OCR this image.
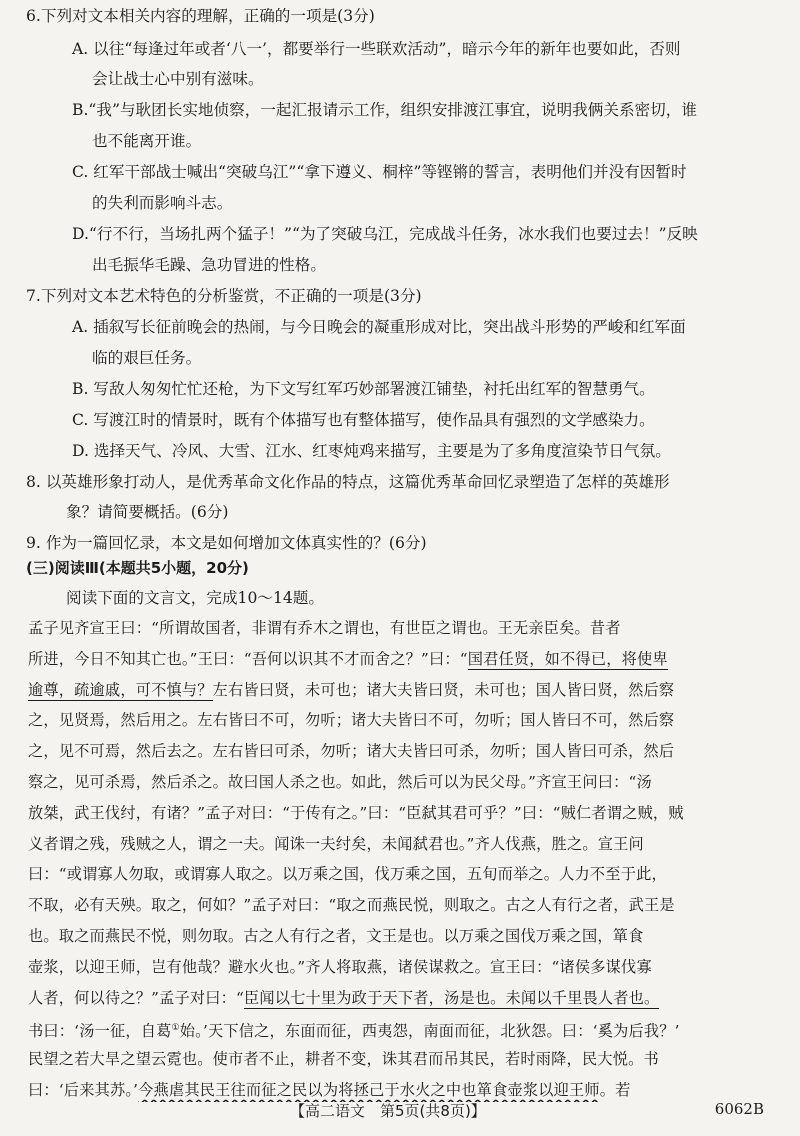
6.下列对文本相关内容的理解，正确的一项是(3分)
A. 以往“每逢过年或者‘八一’，都要举行一些联欢活动”，暗示今年的新年也要如此，否则
会让战士心中别有滋味。
B.“我”与耿团长实地侦察，一起汇报请示工作，组织安排渡江事宜，说明我俩关系密切，谁
也不能离开谁。
C. 红军干部战士喊出“突破乌江”“拿下遵义、桐梓”等铿锵的誓言，表明他们并没有因暂时
的失利而影响斗志。
D.“行不行，当场扎两个猛子！”“为了突破乌江，完成战斗任务，冰水我们也要过去！”反映
出毛振华毛躁、急功冒进的性格。
7.下列对文本艺术特色的分析鉴赏，不正确的一项是(3分)
A. 插叙写长征前晚会的热闹，与今日晚会的凝重形成对比，突出战斗形势的严峻和红军面
临的艰巨任务。
B. 写敌人匆匆忙忙还枪，为下文写红军巧妙部署渡江铺垫，衬托出红军的智慧勇气。
C. 写渡江时的情景时，既有个体描写也有整体描写，使作品具有强烈的文学感染力。
D. 选择天气、冷风、大雪、江水、红枣炖鸡来描写，主要是为了多角度渲染节日气氛。
8. 以英雄形象打动人，是优秀革命文化作品的特点，这篇优秀革命回忆录塑造了怎样的英雄形
象？请简要概括。(6分)
9. 作为一篇回忆录，本文是如何增加文体真实性的？(6分)
(三)阅读Ⅲ(本题共5小题，20分)
阅读下面的文言文，完成10～14题。
孟子见齐宣王曰：“所谓故国者，非谓有乔木之谓也，有世臣之谓也。王无亲臣矣。昔者
所进，今日不知其亡也。”王曰：“吾何以识其不才而舍之？”曰：“国君任贤，如不得已，将使卑
逾尊，疏逾戚，可不慎与？左右皆曰贤，未可也；诸大夫皆曰贤，未可也；国人皆曰贤，然后察
之，见贤焉，然后用之。左右皆曰不可，勿听；诸大夫皆曰不可，勿听；国人皆曰不可，然后察
之，见不可焉，然后去之。左右皆曰可杀，勿听；诸大夫皆曰可杀，勿听；国人皆曰可杀，然后
察之，见可杀焉，然后杀之。故曰国人杀之也。如此，然后可以为民父母。”齐宣王问曰：“汤
放桀，武王伐纣，有诸？”孟子对曰：“于传有之。”曰：“臣弑其君可乎？”曰：“贼仁者谓之贼，贼
义者谓之残，残贼之人，谓之一夫。闻诛一夫纣矣，未闻弑君也。”齐人伐燕，胜之。宣王问
曰：“或谓寡人勿取，或谓寡人取之。以万乘之国，伐万乘之国，五旬而举之。人力不至于此，
不取，必有天殃。取之，何如？”孟子对曰：“取之而燕民悦，则取之。古之人有行之者，武王是
也。取之而燕民不悦，则勿取。古之人有行之者，文王是也。以万乘之国伐万乘之国，箪食
壶浆，以迎王师，岂有他哉？避水火也。”齐人将取燕，诸侯谋救之。宣王曰：“诸侯多谋伐寡
人者，何以待之？”孟子对曰：“臣闻以七十里为政于天下者，汤是也。未闻以千里畏人者也。
书曰：‘汤一征，自葛①始。’天下信之，东面而征，西夷怨，南面而征，北狄怨。曰：‘奚为后我？’
民望之若大旱之望云霓也。使市者不止，耕者不变，诛其君而吊其民，若时雨降，民大悦。书
曰：‘后来其苏。’今燕虐其民王往而征之民以为将拯己于水火之中也箪食壶浆以迎王师。若
【高二语文　第5页(共8页)】	6062B
